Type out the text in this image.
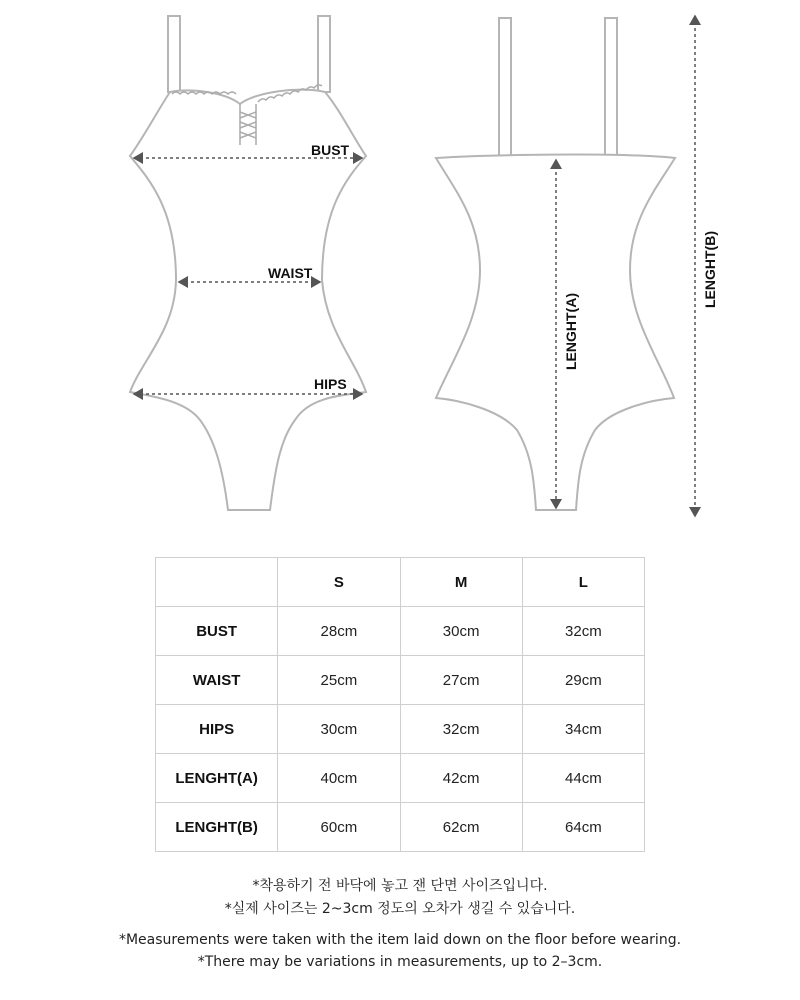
BUST
WAIST
HIPS
LENGHT(A)
LENGHT(B)
	S	M	L
BUST	28cm	30cm	32cm
WAIST	25cm	27cm	29cm
HIPS	30cm	32cm	34cm
LENGHT(A)	40cm	42cm	44cm
LENGHT(B)	60cm	62cm	64cm
*착용하기 전 바닥에 놓고 잰 단면 사이즈입니다.
*실제 사이즈는 2~3cm 정도의 오차가 생길 수 있습니다.
*Measurements were taken with the item laid down on the floor before wearing.
*There may be variations in measurements, up to 2–3cm.
